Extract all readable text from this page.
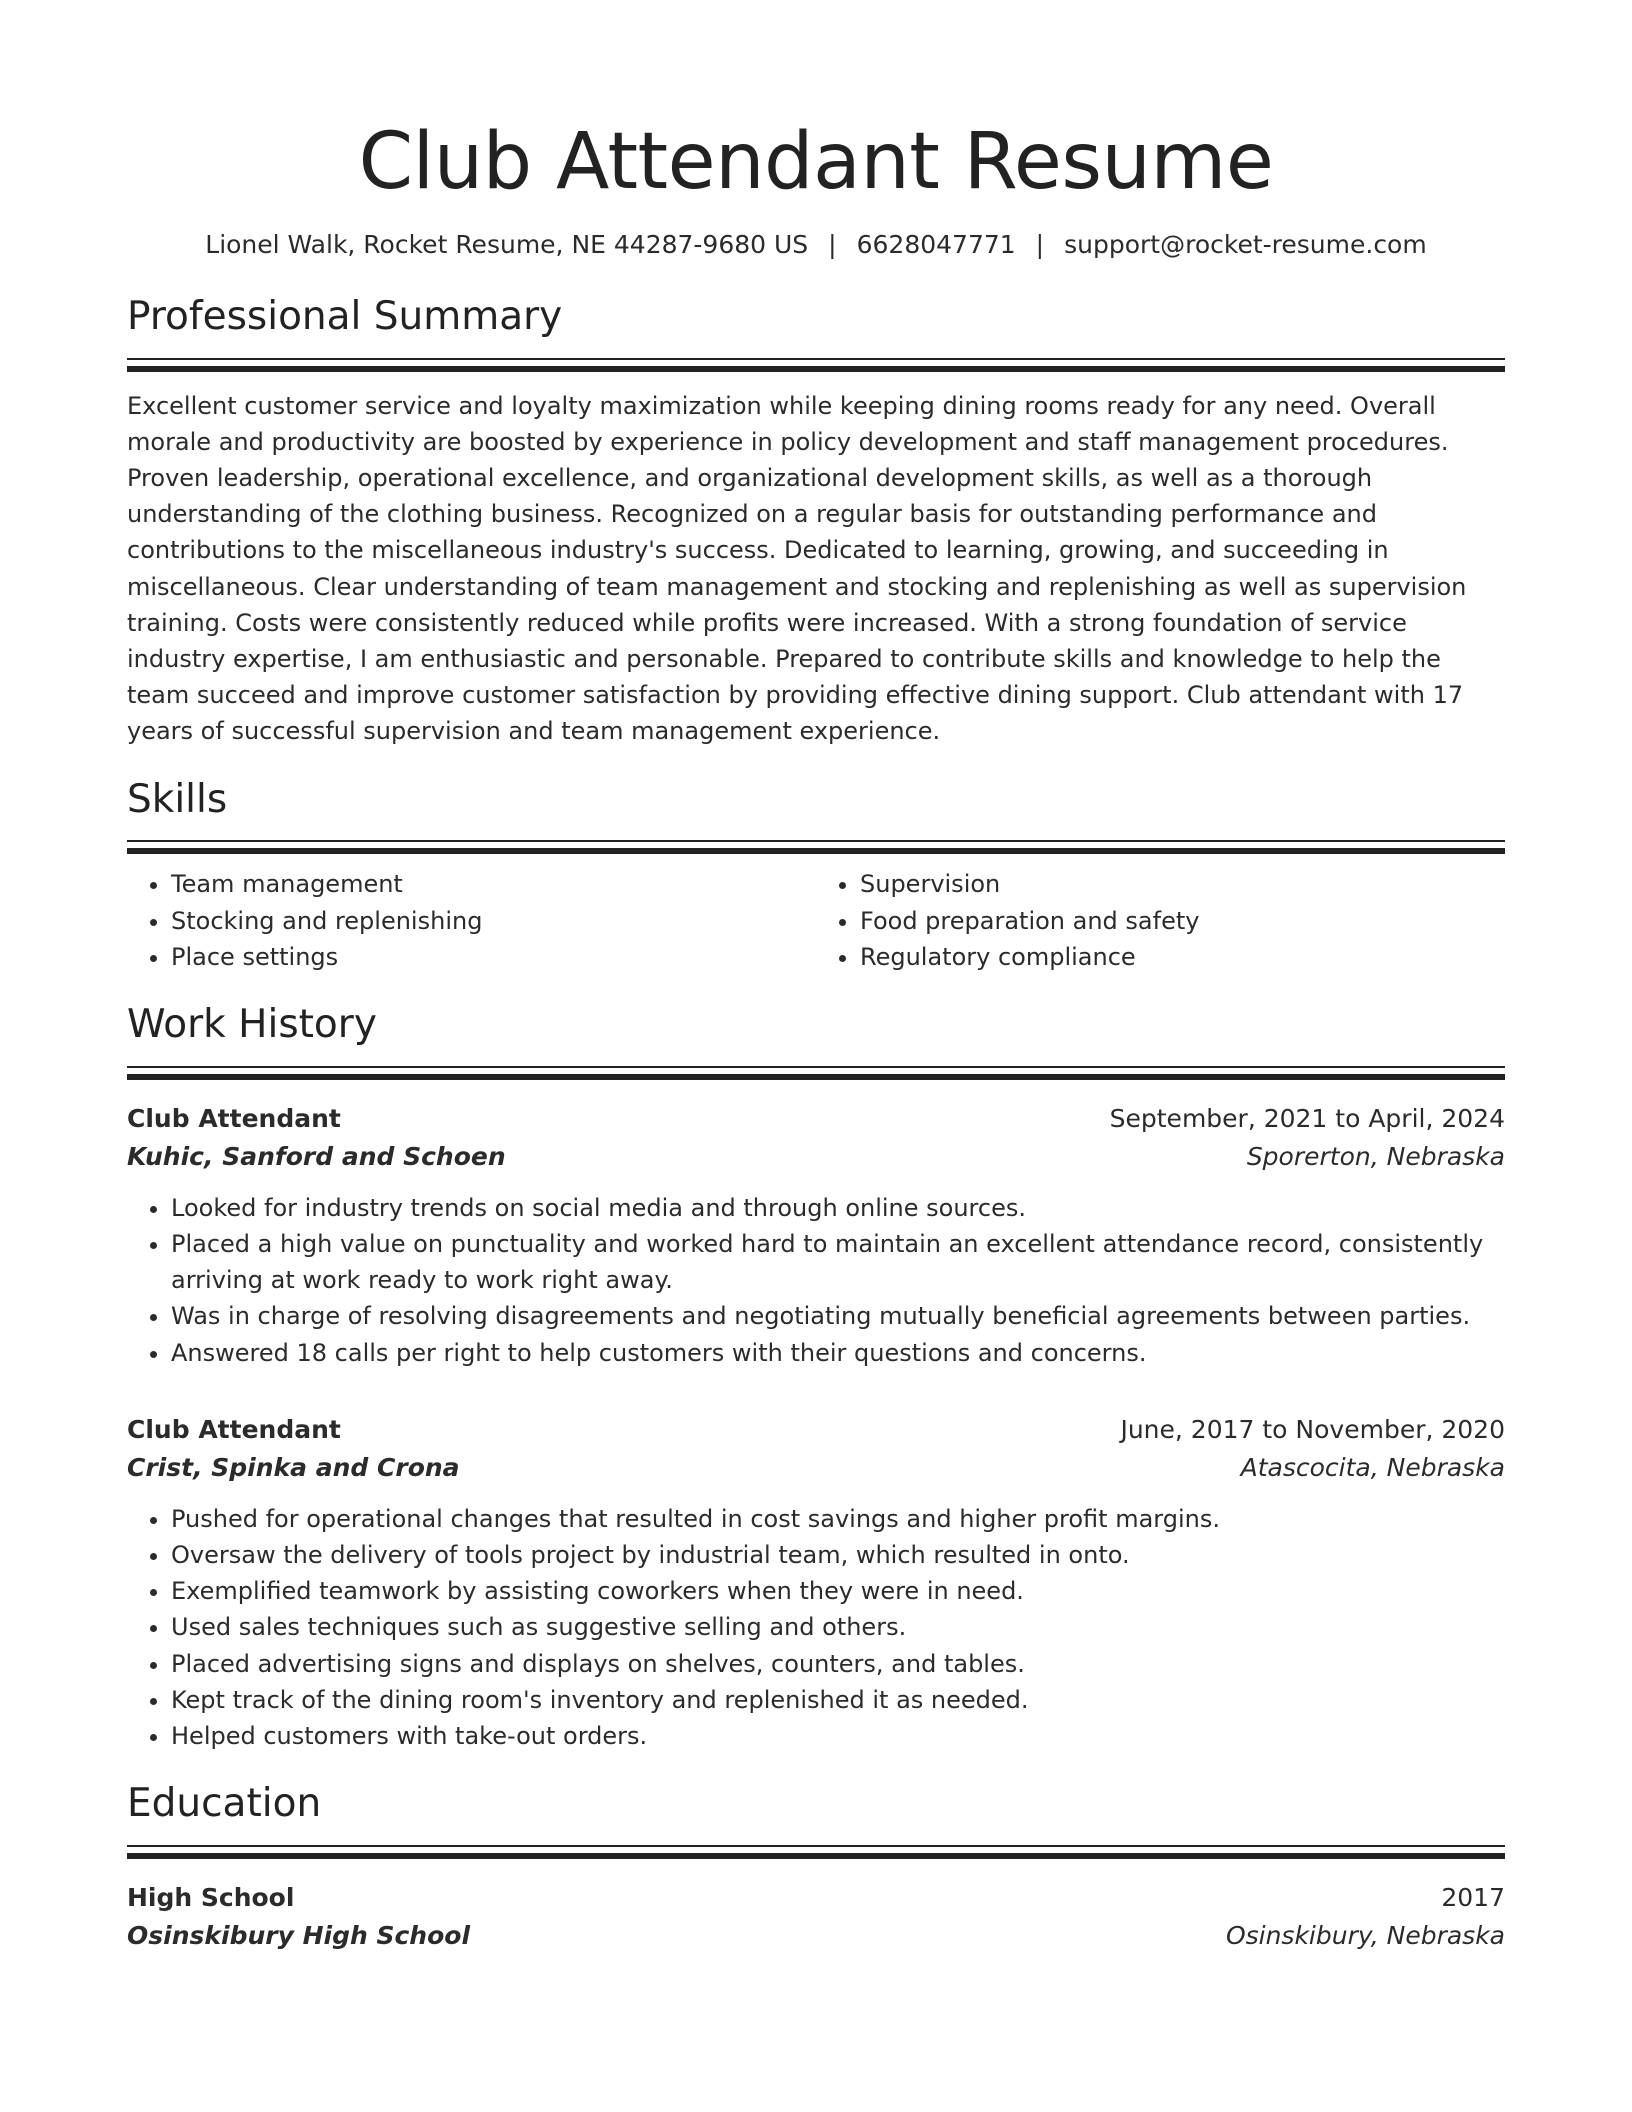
Club Attendant Resume
Lionel Walk, Rocket Resume, NE 44287-9680 US | 6628047771 | support@rocket-resume.com
Professional Summary
Excellent customer service and loyalty maximization while keeping dining rooms ready for any need. Overall morale and productivity are boosted by experience in policy development and staff management procedures. Proven leadership, operational excellence, and organizational development skills, as well as a thorough understanding of the clothing business. Recognized on a regular basis for outstanding performance and contributions to the miscellaneous industry's success. Dedicated to learning, growing, and succeeding in miscellaneous. Clear understanding of team management and stocking and replenishing as well as supervision training. Costs were consistently reduced while profits were increased. With a strong foundation of service industry expertise, I am enthusiastic and personable. Prepared to contribute skills and knowledge to help the team succeed and improve customer satisfaction by providing effective dining support. Club attendant with 17 years of successful supervision and team management experience.
Skills
• Team management
• Stocking and replenishing
• Place settings
• Supervision
• Food preparation and safety
• Regulatory compliance
Work History
Club Attendant	September, 2021 to April, 2024
Kuhic, Sanford and Schoen	Sporerton, Nebraska
• Looked for industry trends on social media and through online sources.
• Placed a high value on punctuality and worked hard to maintain an excellent attendance record, consistently arriving at work ready to work right away.
• Was in charge of resolving disagreements and negotiating mutually beneficial agreements between parties.
• Answered 18 calls per right to help customers with their questions and concerns.
Club Attendant	June, 2017 to November, 2020
Crist, Spinka and Crona	Atascocita, Nebraska
• Pushed for operational changes that resulted in cost savings and higher profit margins.
• Oversaw the delivery of tools project by industrial team, which resulted in onto.
• Exemplified teamwork by assisting coworkers when they were in need.
• Used sales techniques such as suggestive selling and others.
• Placed advertising signs and displays on shelves, counters, and tables.
• Kept track of the dining room's inventory and replenished it as needed.
• Helped customers with take-out orders.
Education
High School	2017
Osinskibury High School	Osinskibury, Nebraska
